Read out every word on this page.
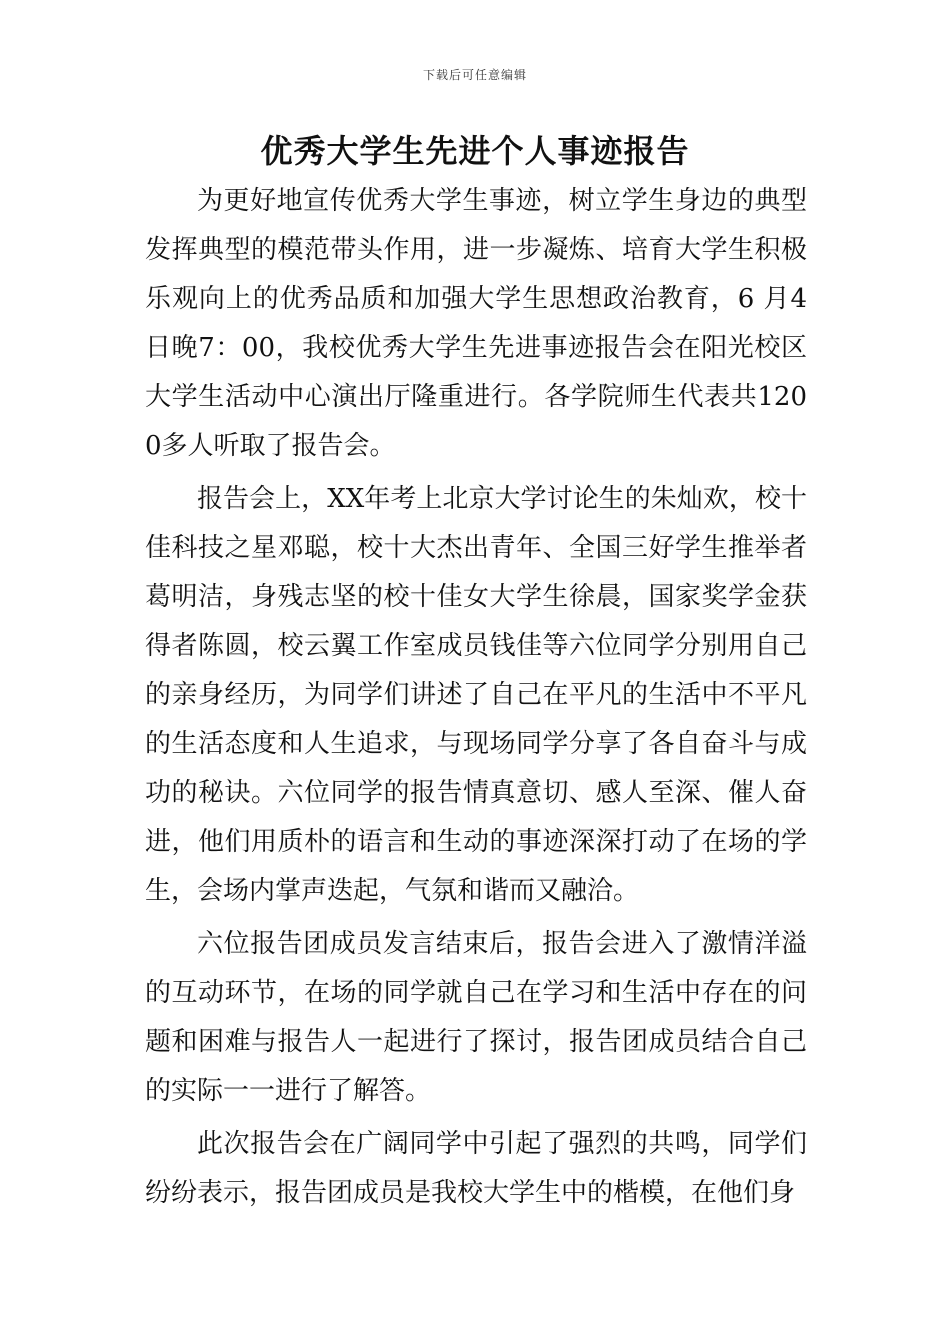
下载后可任意编辑
优秀大学生先进个人事迹报告

为更好地宣传优秀大学生事迹，树立学生身边的典型发挥典型的模范带头作用，进一步凝炼、培育大学生积极乐观向上的优秀品质和加强大学生思想政治教育，6 月4日晚7：00，我校优秀大学生先进事迹报告会在阳光校区大学生活动中心演出厅隆重进行。各学院师生代表共1200多人听取了报告会。

报告会上，XX年考上北京大学讨论生的朱灿欢，校十佳科技之星邓聪，校十大杰出青年、全国三好学生推举者葛明洁，身残志坚的校十佳女大学生徐晨，国家奖学金获得者陈圆，校云翼工作室成员钱佳等六位同学分别用自己的亲身经历，为同学们讲述了自己在平凡的生活中不平凡的生活态度和人生追求，与现场同学分享了各自奋斗与成功的秘诀。六位同学的报告情真意切、感人至深、催人奋进，他们用质朴的语言和生动的事迹深深打动了在场的学生，会场内掌声迭起，气氛和谐而又融洽。

六位报告团成员发言结束后，报告会进入了激情洋溢的互动环节，在场的同学就自己在学习和生活中存在的问题和困难与报告人一起进行了探讨，报告团成员结合自己的实际一一进行了解答。

此次报告会在广阔同学中引起了强烈的共鸣，同学们纷纷表示，报告团成员是我校大学生中的楷模，在他们身
